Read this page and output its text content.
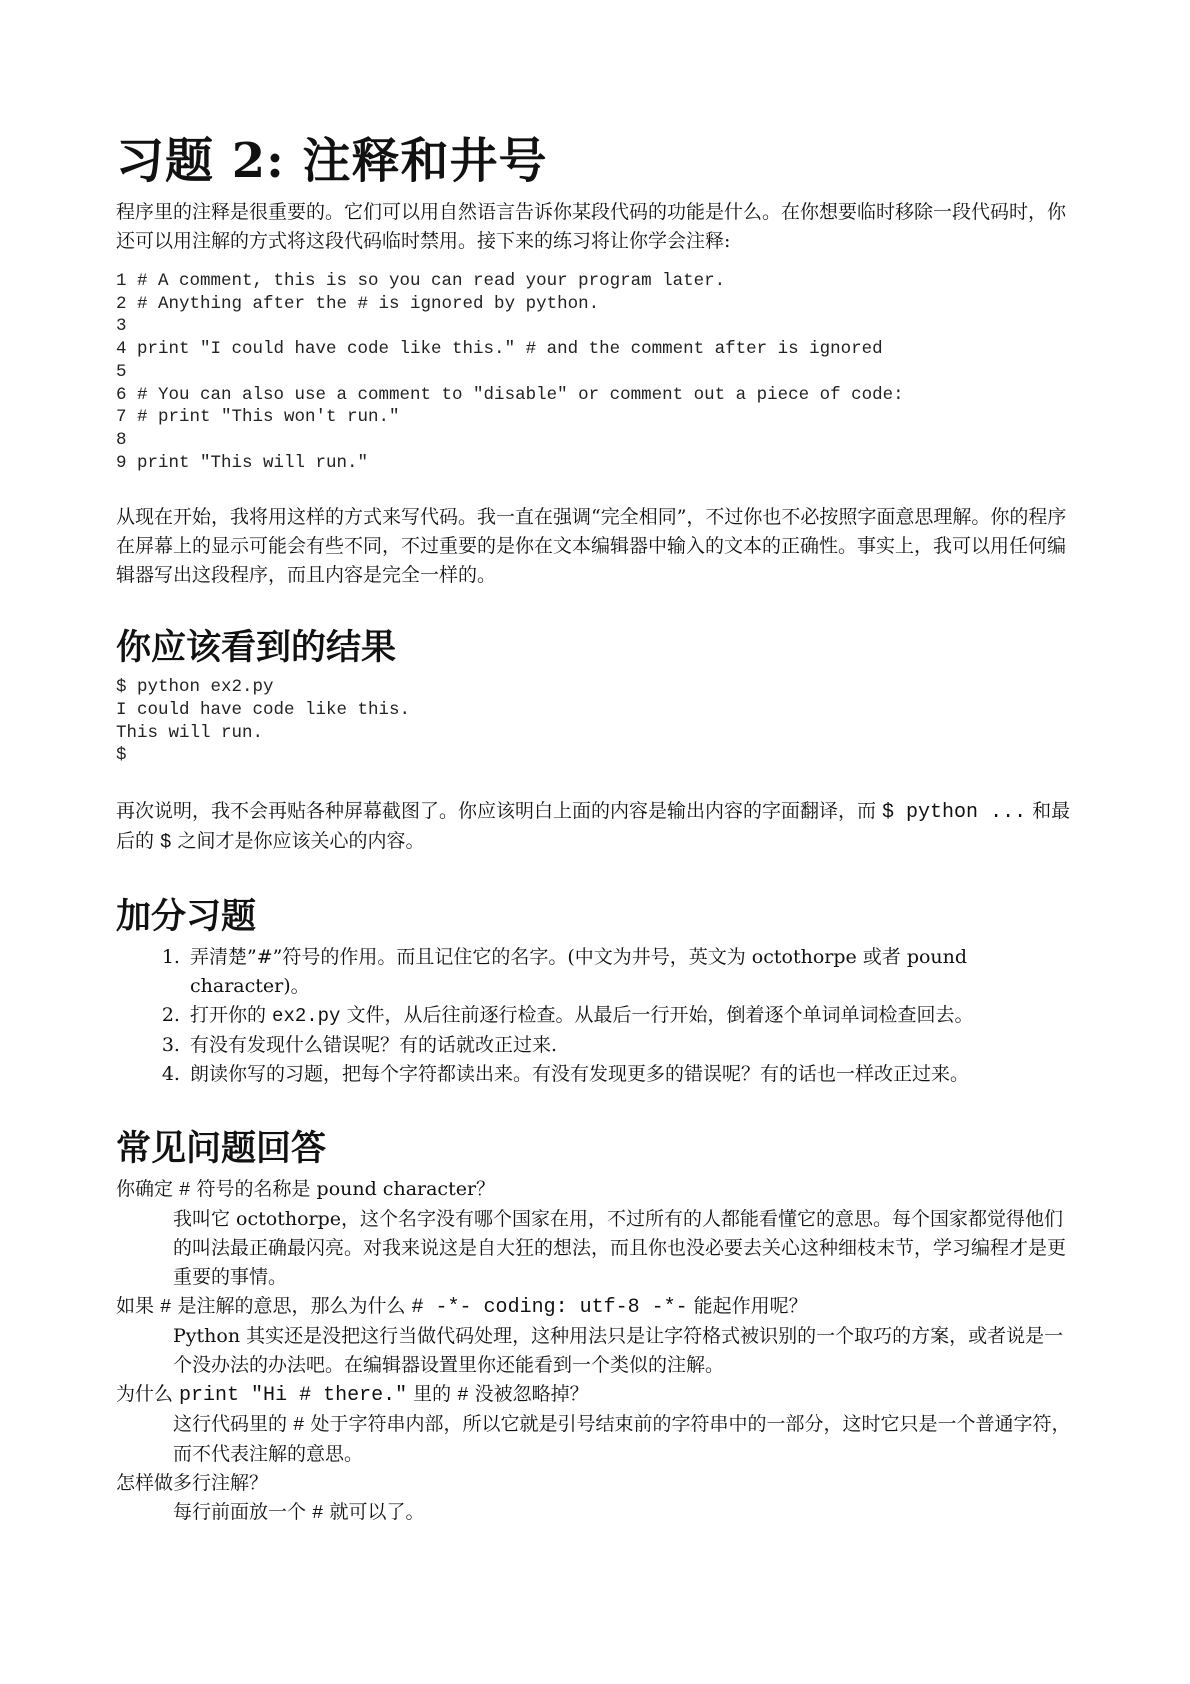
习题 2: 注释和井号

程序里的注释是很重要的。它们可以用自然语言告诉你某段代码的功能是什么。在你想要临时移除一段代码时，你还可以用注解的方式将这段代码临时禁用。接下来的练习将让你学会注释:

1 # A comment, this is so you can read your program later.
2 # Anything after the # is ignored by python.
3
4 print "I could have code like this." # and the comment after is ignored
5
6 # You can also use a comment to "disable" or comment out a piece of code:
7 # print "This won't run."
8
9 print "This will run."

从现在开始，我将用这样的方式来写代码。我一直在强调“完全相同”，不过你也不必按照字面意思理解。你的程序在屏幕上的显示可能会有些不同，不过重要的是你在文本编辑器中输入的文本的正确性。事实上，我可以用任何编辑器写出这段程序，而且内容是完全一样的。

你应该看到的结果
$ python ex2.py
I could have code like this.
This will run.
$

再次说明，我不会再贴各种屏幕截图了。你应该明白上面的内容是输出内容的字面翻译，而 $ python ... 和最后的 $ 之间才是你应该关心的内容。

加分习题
1. 弄清楚”#”符号的作用。而且记住它的名字。(中文为井号，英文为 octothorpe 或者 pound character)。
2. 打开你的 ex2.py 文件，从后往前逐行检查。从最后一行开始，倒着逐个单词单词检查回去。
3. 有没有发现什么错误呢？有的话就改正过来.
4. 朗读你写的习题，把每个字符都读出来。有没有发现更多的错误呢？有的话也一样改正过来。
常见问题回答
你确定 # 符号的名称是 pound character？
我叫它 octothorpe，这个名字没有哪个国家在用，不过所有的人都能看懂它的意思。每个国家都觉得他们的叫法最正确最闪亮。对我来说这是自大狂的想法，而且你也没必要去关心这种细枝末节，学习编程才是更重要的事情。
如果 # 是注解的意思，那么为什么 # -*- coding: utf-8 -*- 能起作用呢？
Python 其实还是没把这行当做代码处理，这种用法只是让字符格式被识别的一个取巧的方案，或者说是一个没办法的办法吧。在编辑器设置里你还能看到一个类似的注解。
为什么 print "Hi # there." 里的 # 没被忽略掉？
这行代码里的 # 处于字符串内部，所以它就是引号结束前的字符串中的一部分，这时它只是一个普通字符，而不代表注解的意思。
怎样做多行注解？
每行前面放一个 # 就可以了。
